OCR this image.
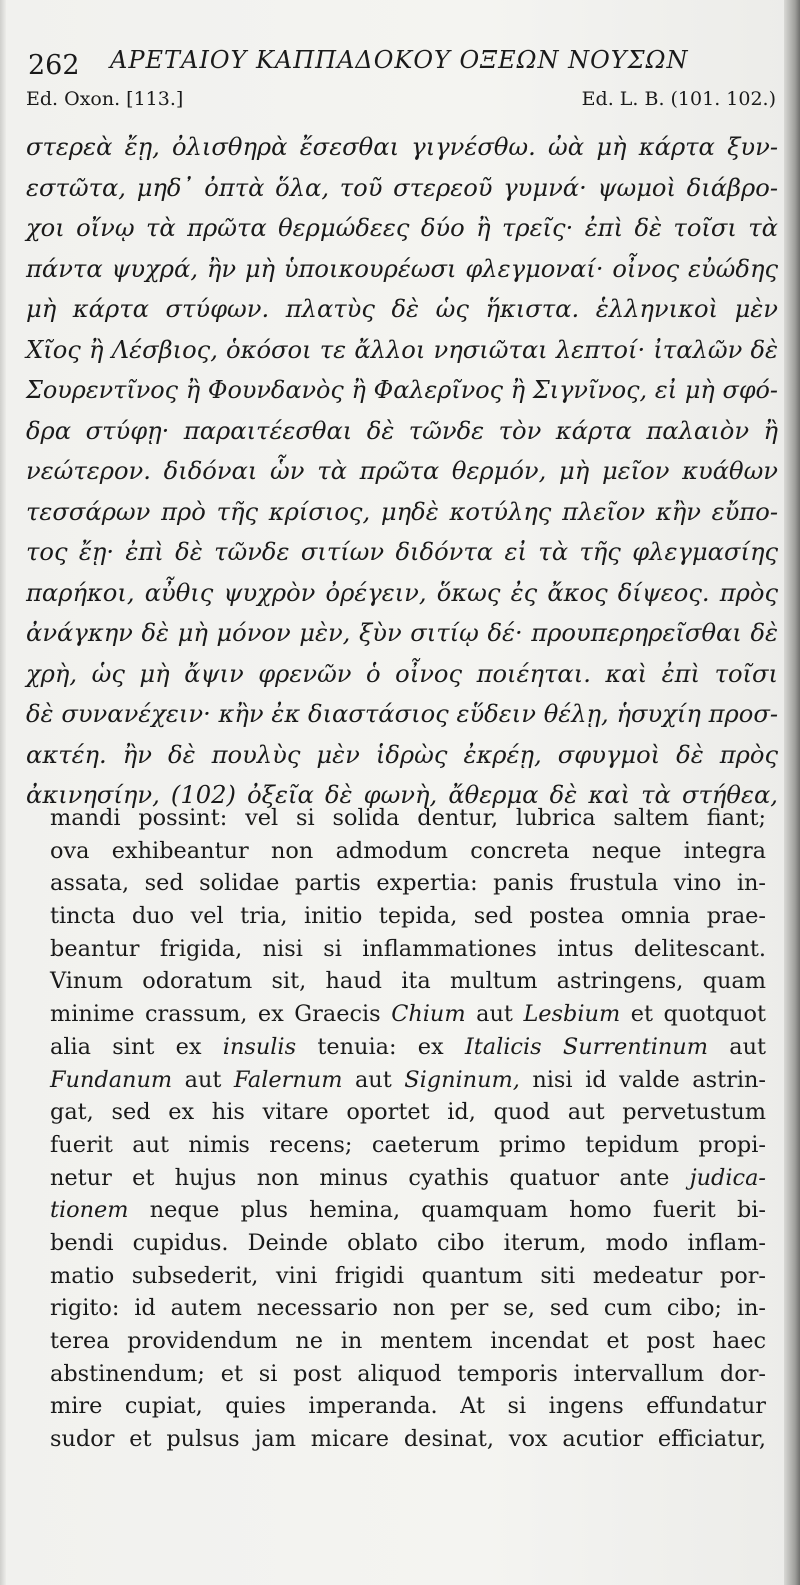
262 ΑΡΕΤΑΙΟΥ ΚΑΠΠΑΔΟΚΟΥ ΟΞΕΩΝ ΝΟΥΣΩΝ
Ed. Oxon. [113.]	Ed. L. B. (101. 102.)
στερεὰ ἔῃ, ὀλισθηρὰ ἔσεσθαι γιγνέσθω. ὠὰ μὴ κάρτα ξυν-
εστῶτα, μηδ᾽ ὀπτὰ ὅλα, τοῦ στερεοῦ γυμνά· ψωμοὶ διάβρο-
χοι οἴνῳ τὰ πρῶτα θερμώδεες δύο ἢ τρεῖς· ἐπὶ δὲ τοῖσι τὰ
πάντα ψυχρά, ἢν μὴ ὑποικουρέωσι φλεγμοναί· οἶνος εὐώδης
μὴ κάρτα στύφων. πλατὺς δὲ ὡς ἥκιστα. ἑλληνικοὶ μὲν
Χῖος ἢ Λέσβιος, ὁκόσοι τε ἄλλοι νησιῶται λεπτοί· ἰταλῶν δὲ
Σουρεντῖνος ἢ Φουνδανὸς ἢ Φαλερῖνος ἢ Σιγνῖνος, εἰ μὴ σφό-
δρα στύφῃ· παραιτέεσθαι δὲ τῶνδε τὸν κάρτα παλαιὸν ἢ
νεώτερον. διδόναι ὧν τὰ πρῶτα θερμόν, μὴ μεῖον κυάθων
τεσσάρων πρὸ τῆς κρίσιος, μηδὲ κοτύλης πλεῖον κἢν εὔπο-
τος ἔῃ· ἐπὶ δὲ τῶνδε σιτίων διδόντα εἰ τὰ τῆς φλεγμασίης
παρήκοι, αὖθις ψυχρὸν ὀρέγειν, ὅκως ἐς ἄκος δίψεος. πρὸς
ἀνάγκην δὲ μὴ μόνον μὲν, ξὺν σιτίῳ δέ· προυπερηρεῖσθαι δὲ
χρὴ, ὡς μὴ ἄψιν φρενῶν ὁ οἶνος ποιέηται. καὶ ἐπὶ τοῖσι
δὲ συνανέχειν· κἢν ἐκ διαστάσιος εὕδειν θέλῃ, ἡσυχίη προσ-
ακτέη. ἢν δὲ πουλὺς μὲν ἱδρὼς ἐκρέῃ, σφυγμοὶ δὲ πρὸς
ἀκινησίην, (102) ὀξεῖα δὲ φωνὴ, ἄθερμα δὲ καὶ τὰ στήθεα,
mandi possint: vel si solida dentur, lubrica saltem fiant;
ova exhibeantur non admodum concreta neque integra
assata, sed solidae partis expertia: panis frustula vino in-
tincta duo vel tria, initio tepida, sed postea omnia prae-
beantur frigida, nisi si inflammationes intus delitescant.
Vinum odoratum sit, haud ita multum astringens, quam
minime crassum, ex Graecis Chium aut Lesbium et quotquot
alia sint ex insulis tenuia: ex Italicis Surrentinum aut
Fundanum aut Falernum aut Signinum, nisi id valde astrin-
gat, sed ex his vitare oportet id, quod aut pervetustum
fuerit aut nimis recens; caeterum primo tepidum propi-
netur et hujus non minus cyathis quatuor ante judica-
tionem neque plus hemina, quamquam homo fuerit bi-
bendi cupidus. Deinde oblato cibo iterum, modo inflam-
matio subsederit, vini frigidi quantum siti medeatur por-
rigito: id autem necessario non per se, sed cum cibo; in-
terea providendum ne in mentem incendat et post haec
abstinendum; et si post aliquod temporis intervallum dor-
mire cupiat, quies imperanda. At si ingens effundatur
sudor et pulsus jam micare desinat, vox acutior efficiatur,
